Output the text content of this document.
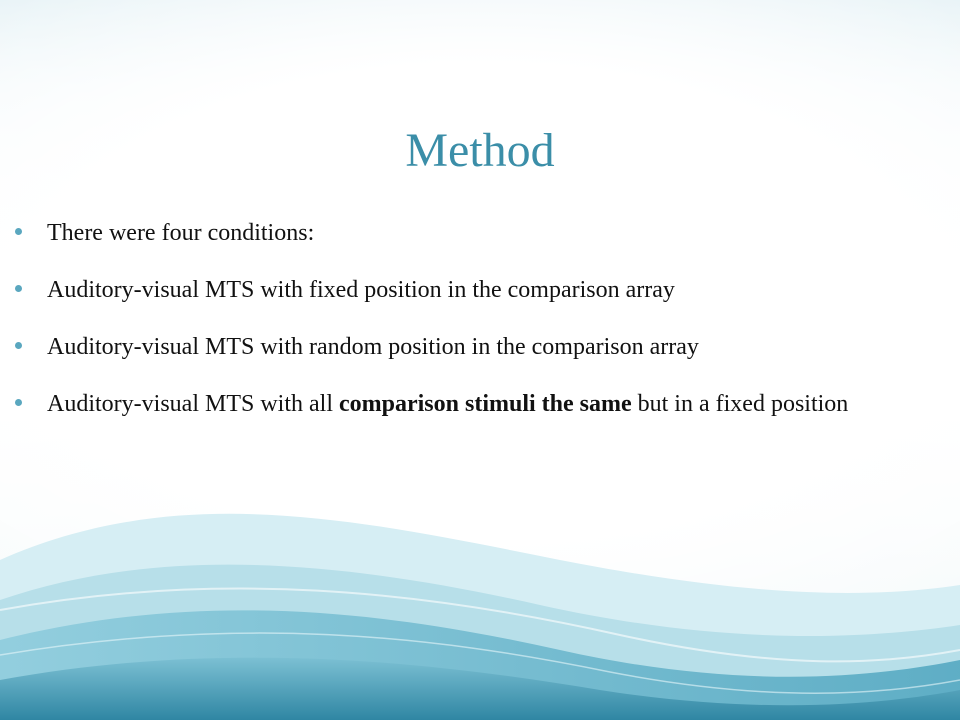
Method
There were four conditions:
Auditory-visual MTS with fixed position in the comparison array
Auditory-visual MTS with random position in the comparison array
Auditory-visual MTS with all comparison stimuli the same but in a fixed position
